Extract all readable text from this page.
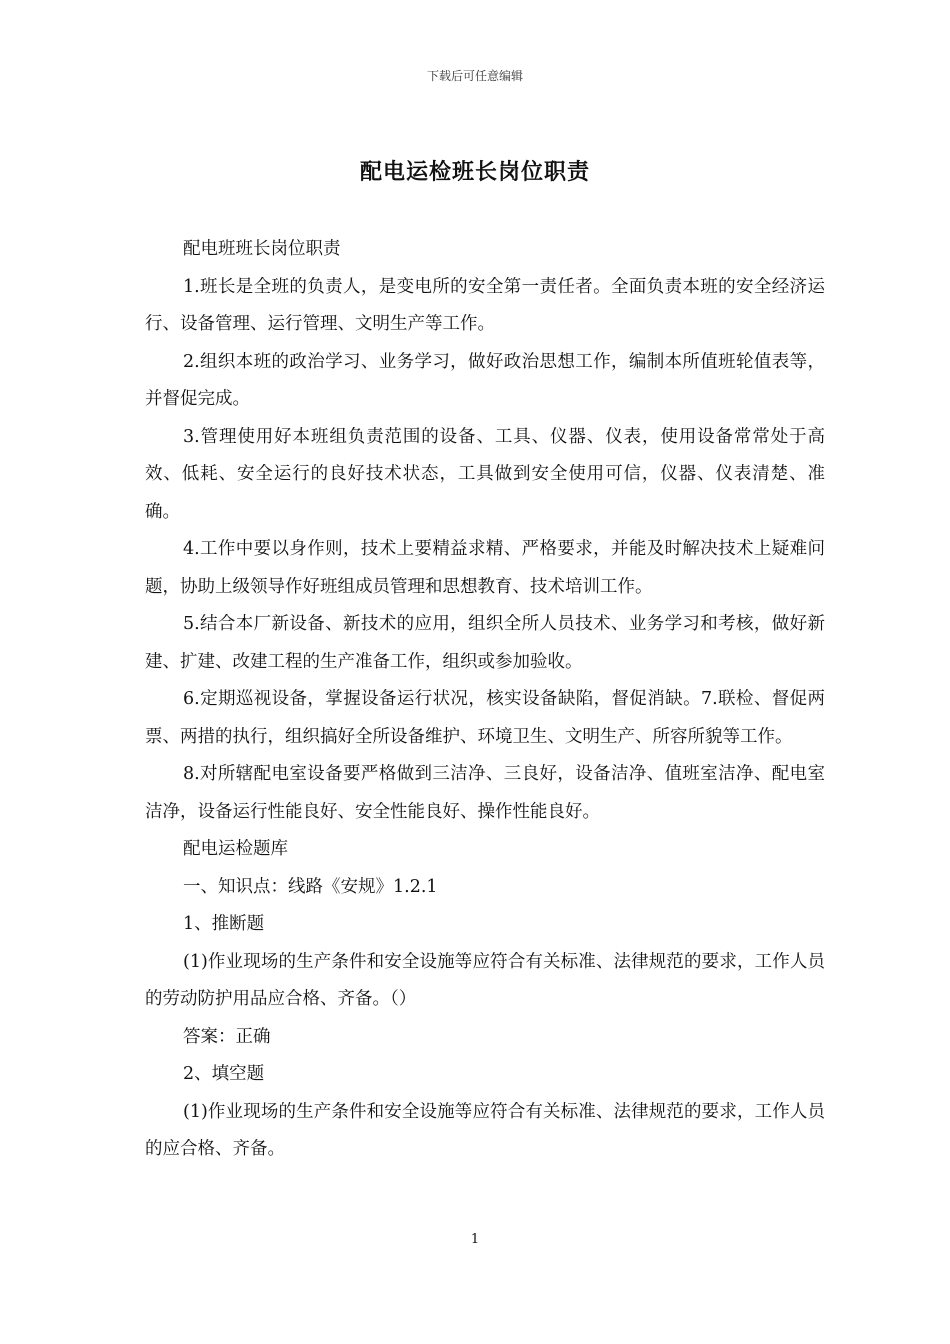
下载后可任意编辑
配电运检班长岗位职责

配电班班长岗位职责

1.班长是全班的负责人，是变电所的安全第一责任者。全面负责本班的安全经济运行、设备管理、运行管理、文明生产等工作。

2.组织本班的政治学习、业务学习，做好政治思想工作，编制本所值班轮值表等，并督促完成。

3.管理使用好本班组负责范围的设备、工具、仪器、仪表，使用设备常常处于高效、低耗、安全运行的良好技术状态，工具做到安全使用可信，仪器、仪表清楚、准确。

4.工作中要以身作则，技术上要精益求精、严格要求，并能及时解决技术上疑难问题，协助上级领导作好班组成员管理和思想教育、技术培训工作。

5.结合本厂新设备、新技术的应用，组织全所人员技术、业务学习和考核，做好新建、扩建、改建工程的生产准备工作，组织或参加验收。

6.定期巡视设备，掌握设备运行状况，核实设备缺陷，督促消缺。7.联检、督促两票、两措的执行，组织搞好全所设备维护、环境卫生、文明生产、所容所貌等工作。

8.对所辖配电室设备要严格做到三洁净、三良好，设备洁净、值班室洁净、配电室洁净，设备运行性能良好、安全性能良好、操作性能良好。

配电运检题库

一、知识点：线路《安规》1.2.1

1、推断题

(1)作业现场的生产条件和安全设施等应符合有关标准、法律规范的要求，工作人员的劳动防护用品应合格、齐备。（）

答案：正确

2、填空题

(1)作业现场的生产条件和安全设施等应符合有关标准、法律规范的要求，工作人员的应合格、齐备。

1
